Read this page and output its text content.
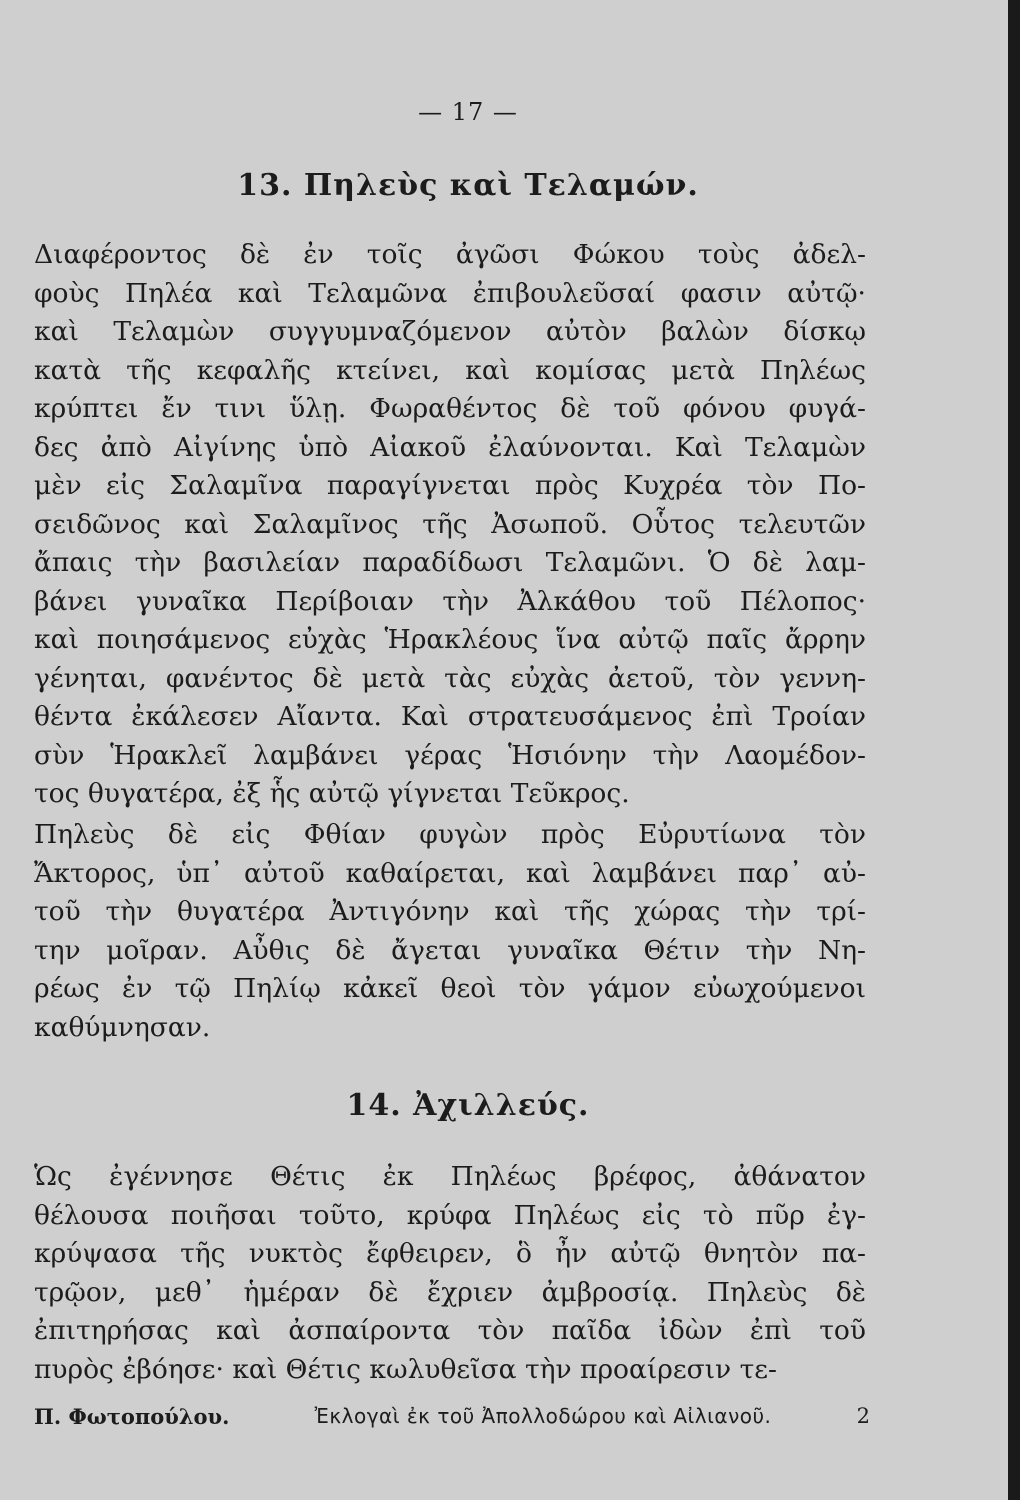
— 17 —
13. Πηλεὺς καὶ Τελαμών.
Διαφέροντος δὲ ἐν τοῖς ἀγῶσι Φώκου τοὺς ἀδελ-
φοὺς Πηλέα καὶ Τελαμῶνα ἐπιβουλεῦσαί φασιν αὐτῷ·
καὶ Τελαμὼν συγγυμναζόμενον αὐτὸν βαλὼν δίσκῳ
κατὰ τῆς κεφαλῆς κτείνει, καὶ κομίσας μετὰ Πηλέως
κρύπτει ἔν τινι ὕλῃ. Φωραθέντος δὲ τοῦ φόνου φυγά-
δες ἀπὸ Αἰγίνης ὑπὸ Αἰακοῦ ἐλαύνονται. Καὶ Τελαμὼν
μὲν εἰς Σαλαμῖνα παραγίγνεται πρὸς Κυχρέα τὸν Πο-
σειδῶνος καὶ Σαλαμῖνος τῆς Ἀσωποῦ. Οὗτος τελευτῶν
ἄπαις τὴν βασιλείαν παραδίδωσι Τελαμῶνι. Ὁ δὲ λαμ-
βάνει γυναῖκα Περίβοιαν τὴν Ἀλκάθου τοῦ Πέλοπος·
καὶ ποιησάμενος εὐχὰς Ἡρακλέους ἵνα αὐτῷ παῖς ἄρρην
γένηται, φανέντος δὲ μετὰ τὰς εὐχὰς ἀετοῦ, τὸν γεννη-
θέντα ἐκάλεσεν Αἴαντα. Καὶ στρατευσάμενος ἐπὶ Τροίαν
σὺν Ἡρακλεῖ λαμβάνει γέρας Ἡσιόνην τὴν Λαομέδον-
τος θυγατέρα, ἐξ ἧς αὐτῷ γίγνεται Τεῦκρος.
Πηλεὺς δὲ εἰς Φθίαν φυγὼν πρὸς Εὐρυτίωνα τὸν
Ἄκτορος, ὑπ᾽ αὐτοῦ καθαίρεται, καὶ λαμβάνει παρ᾽ αὐ-
τοῦ τὴν θυγατέρα Ἀντιγόνην καὶ τῆς χώρας τὴν τρί-
την μοῖραν. Αὖθις δὲ ἄγεται γυναῖκα Θέτιν τὴν Νη-
ρέως ἐν τῷ Πηλίῳ κἀκεῖ θεοὶ τὸν γάμον εὐωχούμενοι
καθύμνησαν.
14. Ἀχιλλεύς.
Ὡς ἐγέννησε Θέτις ἐκ Πηλέως βρέφος, ἀθάνατον
θέλουσα ποιῆσαι τοῦτο, κρύφα Πηλέως εἰς τὸ πῦρ ἐγ-
κρύψασα τῆς νυκτὸς ἔφθειρεν, ὃ ἦν αὐτῷ θνητὸν πα-
τρῷον, μεθ᾽ ἡμέραν δὲ ἔχριεν ἀμβροσίᾳ. Πηλεὺς δὲ
ἐπιτηρήσας καὶ ἀσπαίροντα τὸν παῖδα ἰδὼν ἐπὶ τοῦ
πυρὸς ἐβόησε· καὶ Θέτις κωλυθεῖσα τὴν προαίρεσιν τε-
Π. Φωτοπούλου.	Ἐκλογαὶ ἐκ τοῦ Ἀπολλοδώρου καὶ Αἰλιανοῦ.	2
